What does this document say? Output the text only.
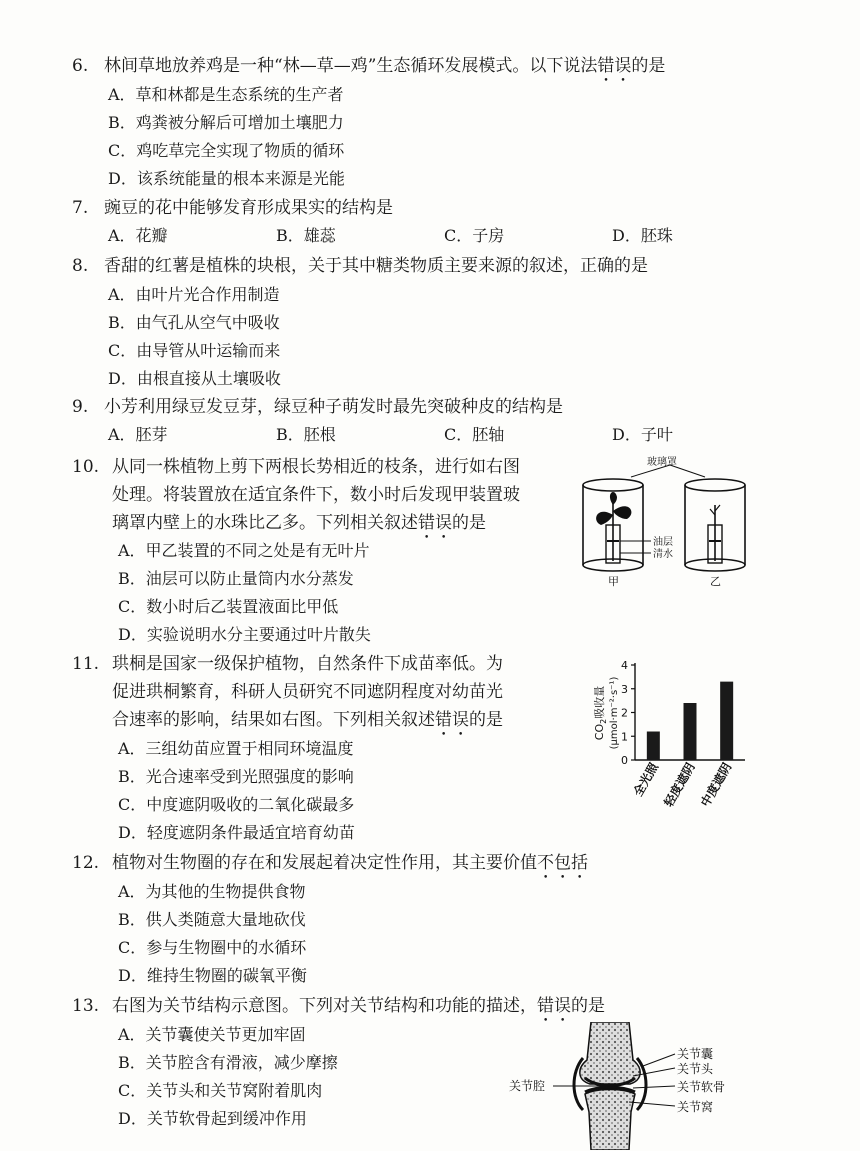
6. 林间草地放养鸡是一种“林—草—鸡”生态循环发展模式。以下说法错误的是
A．草和林都是生态系统的生产者
B．鸡粪被分解后可增加土壤肥力
C．鸡吃草完全实现了物质的循环
D．该系统能量的根本来源是光能
7. 豌豆的花中能够发育形成果实的结构是
A．花瓣	B．雄蕊	C．子房	D．胚珠
8. 香甜的红薯是植株的块根，关于其中糖类物质主要来源的叙述，正确的是
A．由叶片光合作用制造
B．由气孔从空气中吸收
C．由导管从叶运输而来
D．由根直接从土壤吸收
9. 小芳利用绿豆发豆芽，绿豆种子萌发时最先突破种皮的结构是
A．胚芽	B．胚根	C．胚轴	D．子叶
10. 从同一株植物上剪下两根长势相近的枝条，进行如右图
处理。将装置放在适宜条件下，数小时后发现甲装置玻
璃罩内壁上的水珠比乙多。下列相关叙述错误的是
A．甲乙装置的不同之处是有无叶片
B．油层可以防止量筒内水分蒸发
C．数小时后乙装置液面比甲低
D．实验说明水分主要通过叶片散失
玻璃罩
油层
清水
甲	乙
11. 珙桐是国家一级保护植物，自然条件下成苗率低。为
促进珙桐繁育，科研人员研究不同遮阴程度对幼苗光
合速率的影响，结果如右图。下列相关叙述错误的是
A．三组幼苗应置于相同环境温度
B．光合速率受到光照强度的影响
C．中度遮阴吸收的二氧化碳最多
D．轻度遮阴条件最适宜培育幼苗
$CO_2$吸收量 (μmol·m⁻²·s⁻¹)
0
1
2
3
4
全光照 轻度遮阴 中度遮阴
12. 植物对生物圈的存在和发展起着决定性作用，其主要价值不包括
A．为其他的生物提供食物
B．供人类随意大量地砍伐
C．参与生物圈中的水循环
D．维持生物圈的碳氧平衡
13. 右图为关节结构示意图。下列对关节结构和功能的描述，错误的是
A．关节囊使关节更加牢固
B．关节腔含有滑液，减少摩擦
C．关节头和关节窝附着肌肉
D．关节软骨起到缓冲作用
关节囊
关节头
关节软骨
关节窝
关节腔
